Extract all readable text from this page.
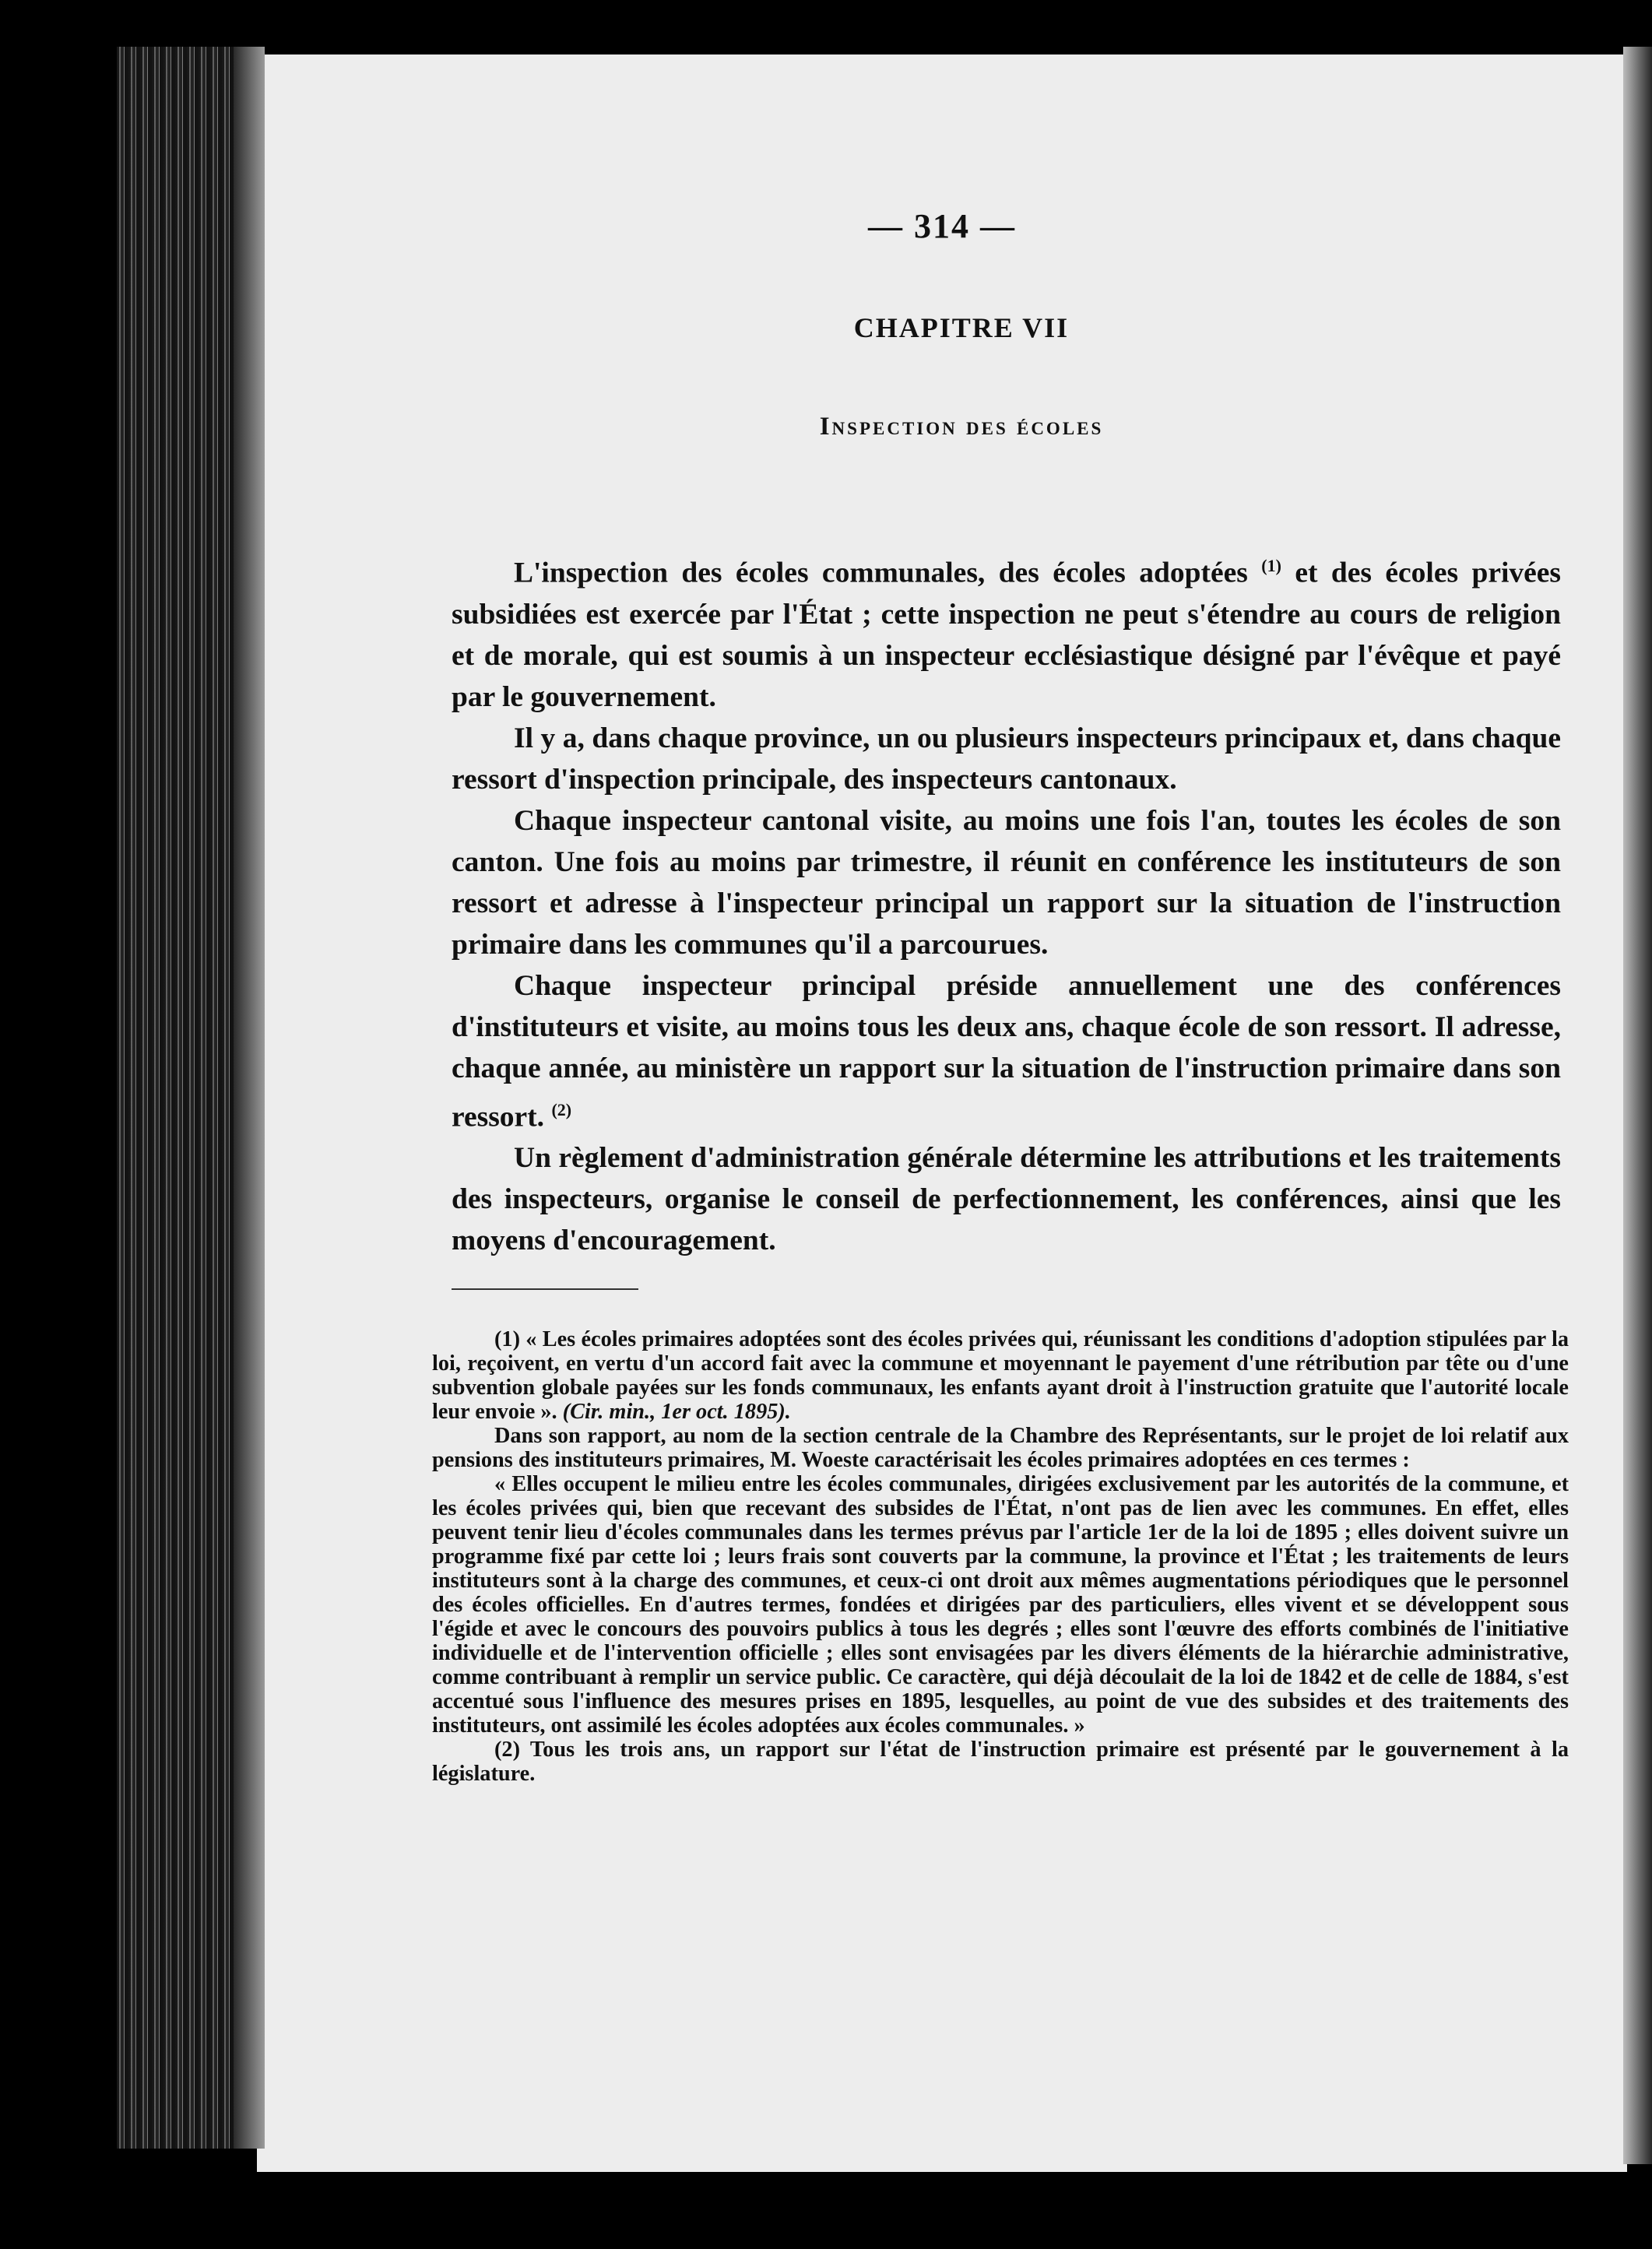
— 314 —
CHAPITRE VII
Inspection des écoles

L'inspection des écoles communales, des écoles adoptées $^{(1)}$ et des écoles privées subsidiées est exercée par l'État ; cette inspection ne peut s'étendre au cours de religion et de morale, qui est soumis à un inspecteur ecclésiastique désigné par l'évêque et payé par le gouvernement.

Il y a, dans chaque province, un ou plusieurs inspecteurs principaux et, dans chaque ressort d'inspection principale, des inspecteurs cantonaux.

Chaque inspecteur cantonal visite, au moins une fois l'an, toutes les écoles de son canton. Une fois au moins par trimestre, il réunit en conférence les instituteurs de son ressort et adresse à l'inspecteur principal un rapport sur la situation de l'instruction primaire dans les communes qu'il a parcourues.

Chaque inspecteur principal préside annuellement une des conférences d'instituteurs et visite, au moins tous les deux ans, chaque école de son ressort. Il adresse, chaque année, au ministère un rapport sur la situation de l'instruction primaire dans son ressort. $^{(2)}$

Un règlement d'administration générale détermine les attributions et les traitements des inspecteurs, organise le conseil de perfectionnement, les conférences, ainsi que les moyens d'encouragement.

(1) « Les écoles primaires adoptées sont des écoles privées qui, réunissant les conditions d'adoption stipulées par la loi, reçoivent, en vertu d'un accord fait avec la commune et moyennant le payement d'une rétribution par tête ou d'une subvention globale payées sur les fonds communaux, les enfants ayant droit à l'instruction gratuite que l'autorité locale leur envoie ». (Cir. min., 1er oct. 1895).

Dans son rapport, au nom de la section centrale de la Chambre des Représentants, sur le projet de loi relatif aux pensions des instituteurs primaires, M. Woeste caractérisait les écoles primaires adoptées en ces termes :

« Elles occupent le milieu entre les écoles communales, dirigées exclusivement par les autorités de la commune, et les écoles privées qui, bien que recevant des subsides de l'État, n'ont pas de lien avec les communes. En effet, elles peuvent tenir lieu d'écoles communales dans les termes prévus par l'article 1er de la loi de 1895 ; elles doivent suivre un programme fixé par cette loi ; leurs frais sont couverts par la commune, la province et l'État ; les traitements de leurs instituteurs sont à la charge des communes, et ceux-ci ont droit aux mêmes augmentations périodiques que le personnel des écoles officielles. En d'autres termes, fondées et dirigées par des particuliers, elles vivent et se développent sous l'égide et avec le concours des pouvoirs publics à tous les degrés ; elles sont l'œuvre des efforts combinés de l'initiative individuelle et de l'intervention officielle ; elles sont envisagées par les divers éléments de la hiérarchie administrative, comme contribuant à remplir un service public. Ce caractère, qui déjà découlait de la loi de 1842 et de celle de 1884, s'est accentué sous l'influence des mesures prises en 1895, lesquelles, au point de vue des subsides et des traitements des instituteurs, ont assimilé les écoles adoptées aux écoles communales. »

(2) Tous les trois ans, un rapport sur l'état de l'instruction primaire est présenté par le gouvernement à la législature.
